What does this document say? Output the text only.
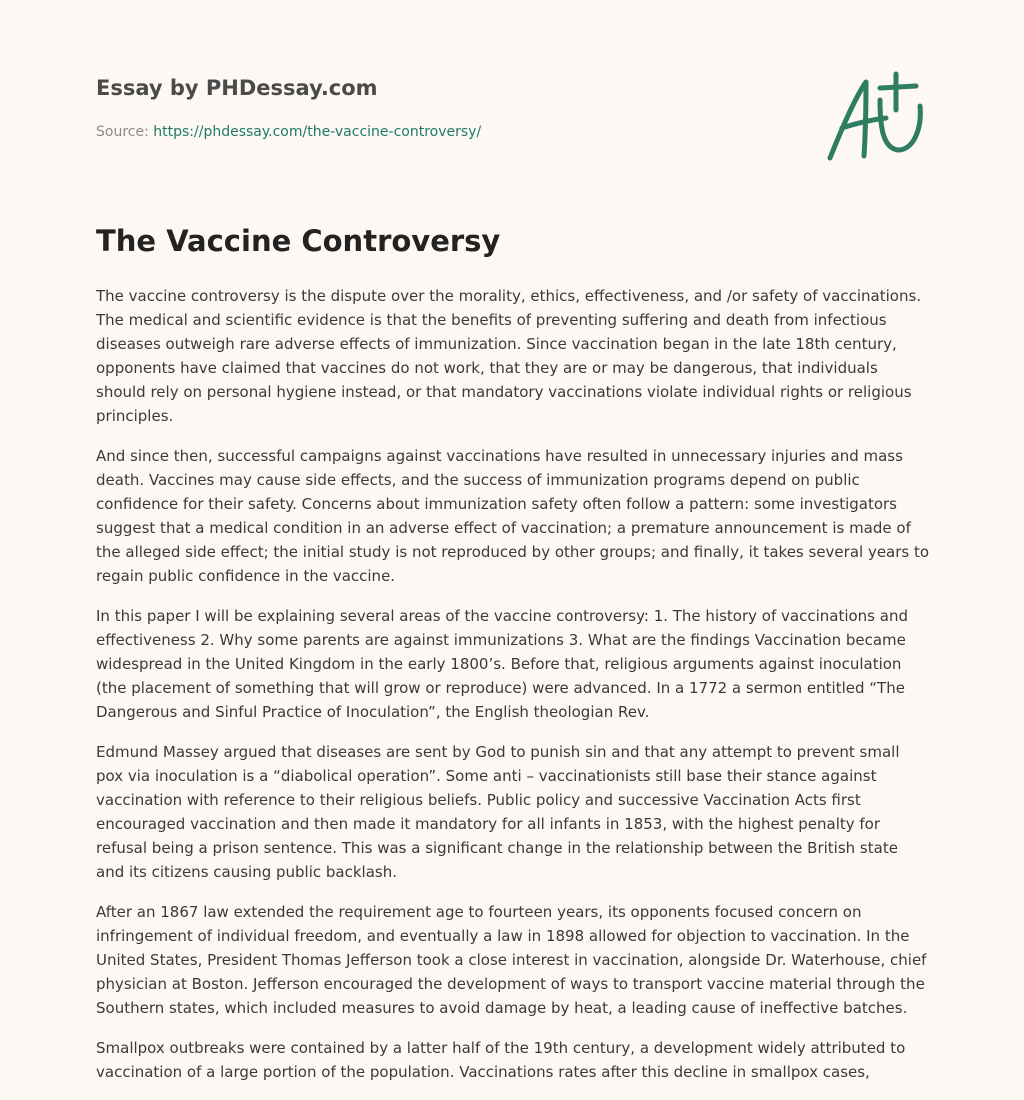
Essay by PHDessay.com
Source: https://phdessay.com/the-vaccine-controversy/
The Vaccine Controversy

The vaccine controversy is the dispute over the morality, ethics, effectiveness, and /or safety of vaccinations. The medical and scientific evidence is that the benefits of preventing suffering and death from infectious diseases outweigh rare adverse effects of immunization. Since vaccination began in the late 18th century, opponents have claimed that vaccines do not work, that they are or may be dangerous, that individuals should rely on personal hygiene instead, or that mandatory vaccinations violate individual rights or religious principles.

And since then, successful campaigns against vaccinations have resulted in unnecessary injuries and mass death. Vaccines may cause side effects, and the success of immunization programs depend on public confidence for their safety. Concerns about immunization safety often follow a pattern: some investigators suggest that a medical condition in an adverse effect of vaccination; a premature announcement is made of the alleged side effect; the initial study is not reproduced by other groups; and finally, it takes several years to regain public confidence in the vaccine.

In this paper I will be explaining several areas of the vaccine controversy: 1. The history of vaccinations and effectiveness 2. Why some parents are against immunizations 3. What are the findings Vaccination became widespread in the United Kingdom in the early 1800’s. Before that, religious arguments against inoculation (the placement of something that will grow or reproduce) were advanced. In a 1772 a sermon entitled “The Dangerous and Sinful Practice of Inoculation”, the English theologian Rev.

Edmund Massey argued that diseases are sent by God to punish sin and that any attempt to prevent small pox via inoculation is a “diabolical operation”. Some anti – vaccinationists still base their stance against vaccination with reference to their religious beliefs. Public policy and successive Vaccination Acts first encouraged vaccination and then made it mandatory for all infants in 1853, with the highest penalty for refusal being a prison sentence. This was a significant change in the relationship between the British state and its citizens causing public backlash.

After an 1867 law extended the requirement age to fourteen years, its opponents focused concern on infringement of individual freedom, and eventually a law in 1898 allowed for objection to vaccination. In the United States, President Thomas Jefferson took a close interest in vaccination, alongside Dr. Waterhouse, chief physician at Boston. Jefferson encouraged the development of ways to transport vaccine material through the Southern states, which included measures to avoid damage by heat, a leading cause of ineffective batches.

Smallpox outbreaks were contained by a latter half of the 19th century, a development widely attributed to vaccination of a large portion of the population. Vaccinations rates after this decline in smallpox cases,
